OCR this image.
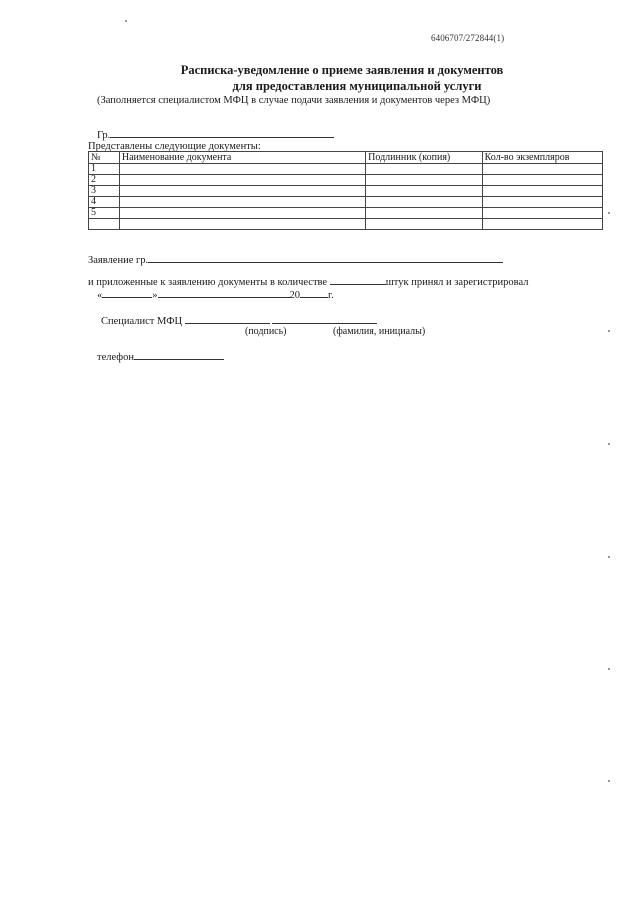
6406707/272844(1)
Расписка-уведомление о приеме заявления и документов
для предоставления муниципальной услуги
(Заполняется специалистом МФЦ в случае подачи заявления и документов через МФЦ)
Гр.
Представлены следующие документы:
№	Наименование документа	Подлинник (копия)	Кол-во экземпляров
1			
2			
3			
4			
5			

Заявление гр.
и приложенные к заявлению документы в количестве	штук принял и зарегистрировал
«	»	20	г.
Специалист МФЦ
(подпись)	(фамилия, инициалы)
телефон
